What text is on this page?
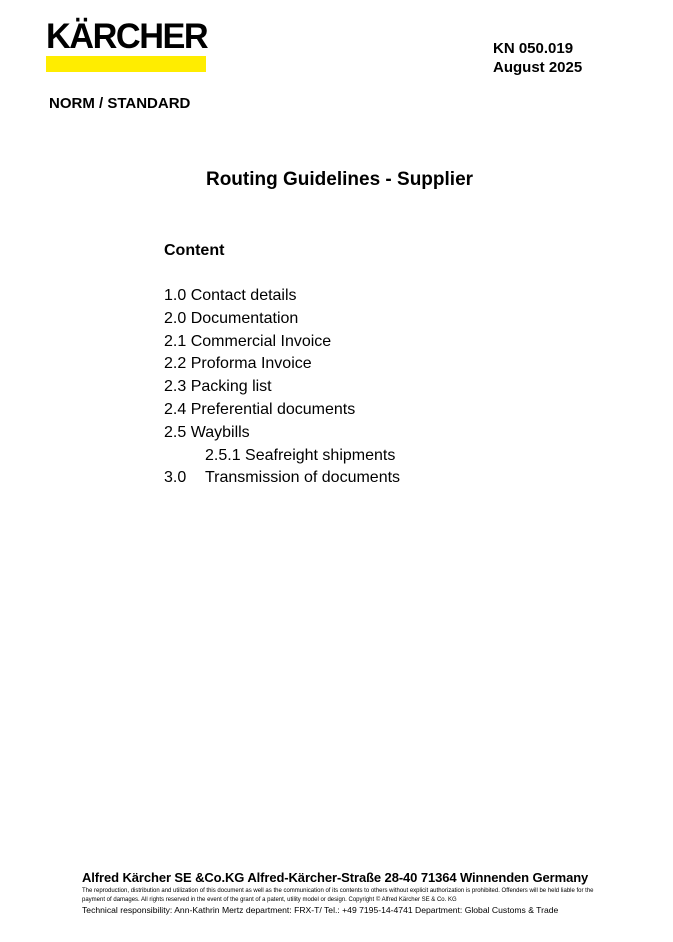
KÄRCHER	KN 050.019
August 2025
NORM / STANDARD
Routing Guidelines - Supplier
Content
1.0 Contact details
2.0 Documentation
2.1 Commercial Invoice
2.2 Proforma Invoice
2.3 Packing list
2.4 Preferential documents
2.5 Waybills
2.5.1 Seafreight shipments
3.0 Transmission of documents
Alfred Kärcher SE &Co.KG Alfred-Kärcher-Straße 28-40 71364 Winnenden Germany
The reproduction, distribution and utilization of this document as well as the communication of its contents to others without explicit authorization is prohibited. Offenders will be held liable for the payment of damages. All rights reserved in the event of the grant of a patent, utility model or design. Copyright © Alfred Kärcher SE & Co. KG
Technical responsibility: Ann-Kathrin Mertz department: FRX-T/ Tel.: +49 7195-14-4741 Department: Global Customs & Trade
